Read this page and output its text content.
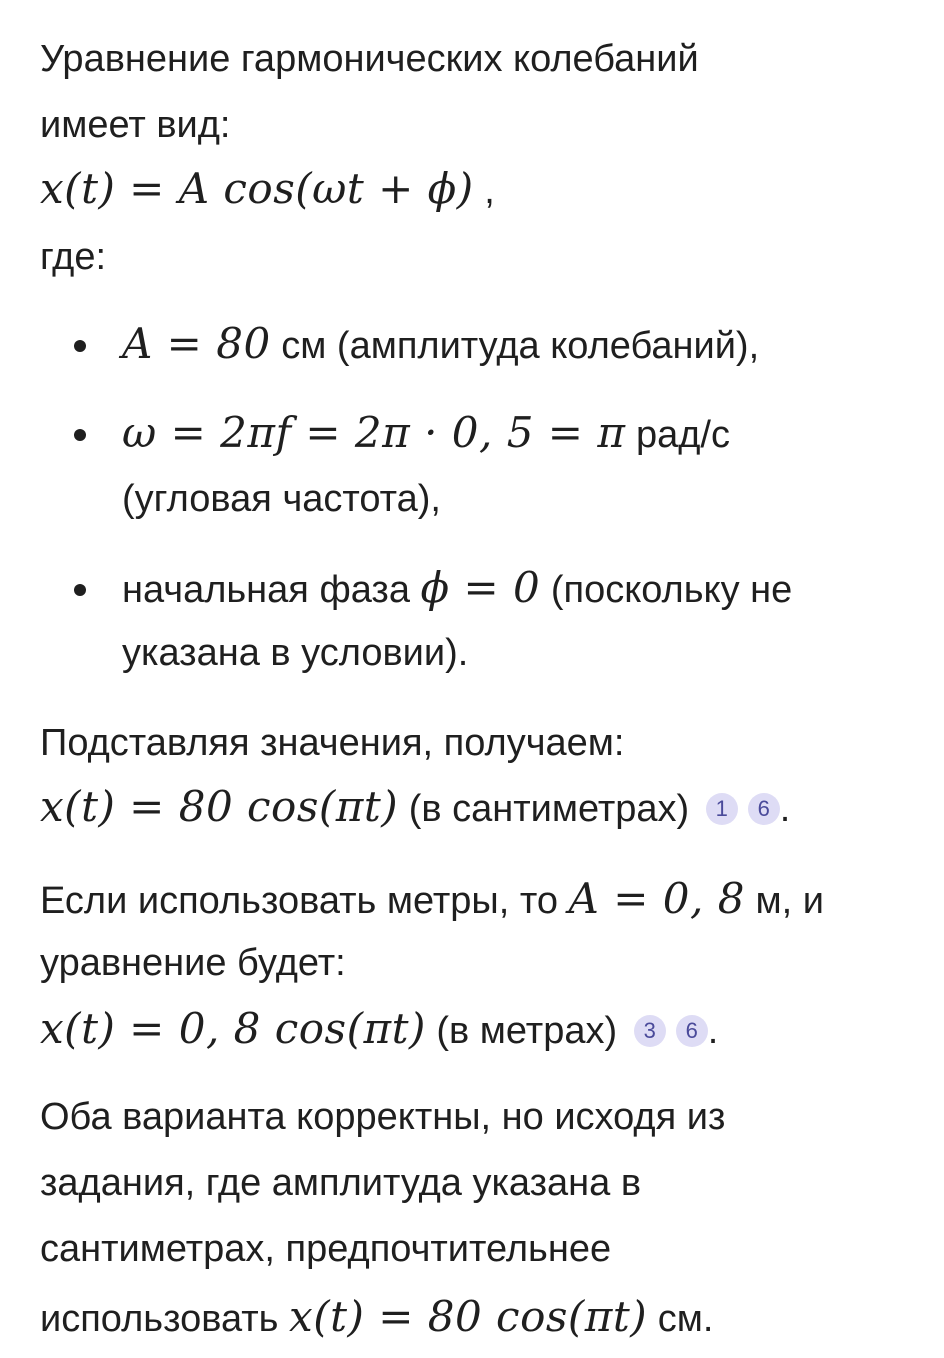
Уравнение гармонических колебаний
имеет вид:
x(t) = A cos(ωt + ϕ) ,
где:
A = 80 см (амплитуда колебаний),
ω = 2πf = 2π · 0, 5 = π рад/с
(угловая частота),
начальная фаза ϕ = 0 (поскольку не
указана в условии).
Подставляя значения, получаем:
x(t) = 80 cos(πt) (в сантиметрах) 1 6 .
Если использовать метры, то A = 0, 8 м, и
уравнение будет:
x(t) = 0, 8 cos(πt) (в метрах) 3 6 .
Оба варианта корректны, но исходя из
задания, где амплитуда указана в
сантиметрах, предпочтительнее
использовать x(t) = 80 cos(πt) см.
